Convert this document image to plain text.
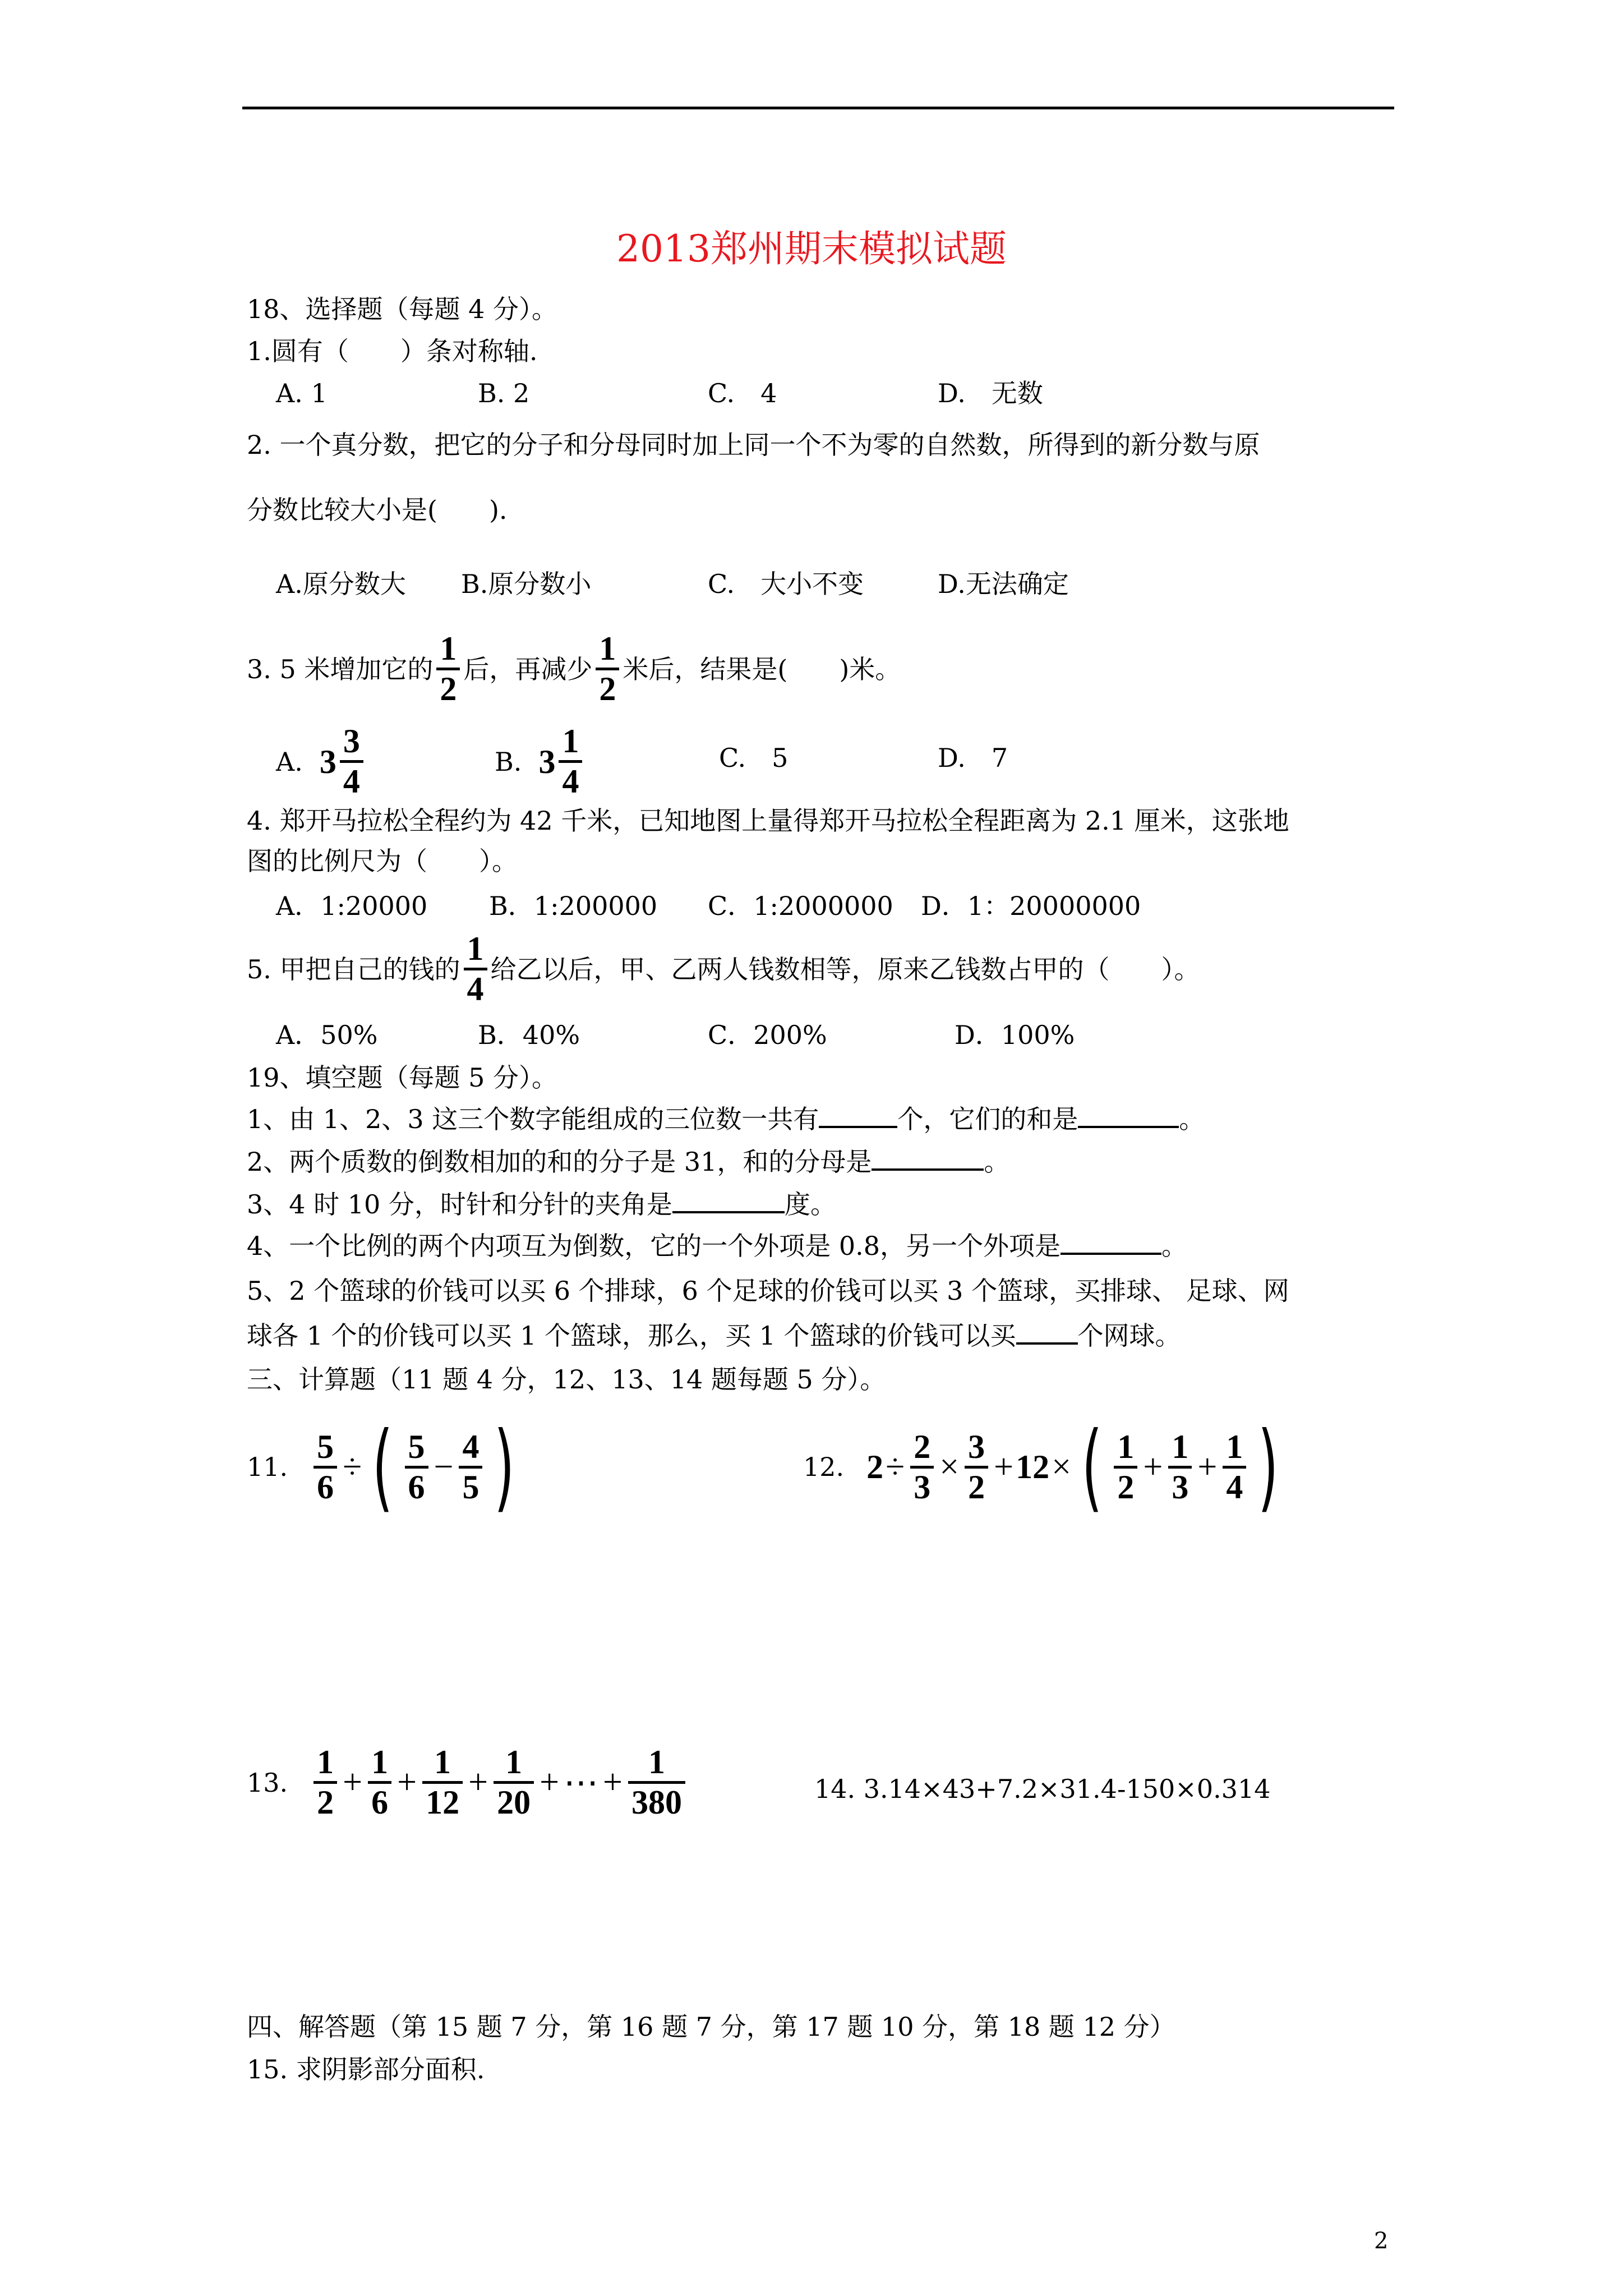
2013郑州期末模拟试题
18、选择题（每题 4 分）。
1.圆有（　　）条对称轴.
A. 1	B. 2	C.　4	D.　无数
2. 一个真分数，把它的分子和分母同时加上同一个不为零的自然数，所得到的新分数与原
分数比较大小是(　　).
A.原分数大 B.原分数小	C.　大小不变	D.无法确定
3. 5 米增加它的 $\frac{1}{2}$ 后，再减少 $\frac{1}{2}$ 米后，结果是(　　)米。
A. $3 \frac{3}{4}$	B. $3 \frac{1}{4}$	C.　5	D.　7
4. 郑开马拉松全程约为 42 千米，已知地图上量得郑开马拉松全程距离为 2.1 厘米，这张地
图的比例尺为（　　）。
A．1:20000 B．1:200000 C．1:2000000 D．1：20000000
5. 甲把自己的钱的 $\frac{1}{4}$ 给乙以后，甲、乙两人钱数相等，原来乙钱数占甲的（　　）。
A．50%	B．40%	C．200%	D．100%
19、填空题（每题 5 分）。
1、由 1、2、3 这三个数字能组成的三位数一共有	个，它们的和是	。
2、两个质数的倒数相加的和的分子是 31，和的分母是	。
3、4 时 10 分，时针和分针的夹角是	度。
4、一个比例的两个内项互为倒数，它的一个外项是 0.8，另一个外项是	。
5、2 个篮球的价钱可以买 6 个排球，6 个足球的价钱可以买 3 个篮球，买排球、 足球、网
球各 1 个的价钱可以买 1 个篮球，那么，买 1 个篮球的价钱可以买 个网球。
三、计算题（11 题 4 分，12、13、14 题每题 5 分）。
11. $\frac{5}{6}$ ÷ ( $\frac{5}{6} - \frac{4}{5}$ )	12. $2 \div \frac{2}{3} \times \frac{3}{2} + 12$ × ( $\frac{1}{2} + \frac{1}{3} + \frac{1}{4}$ )
13. $\frac{1}{2} + \frac{1}{6} + \frac{1}{12} + \frac{1}{20}$ + ⋯ + $\frac{1}{380}$	14. 3.14×43+7.2×31.4-150×0.314
四、解答题（第 15 题 7 分，第 16 题 7 分，第 17 题 10 分，第 18 题 12 分）
15. 求阴影部分面积.
2
